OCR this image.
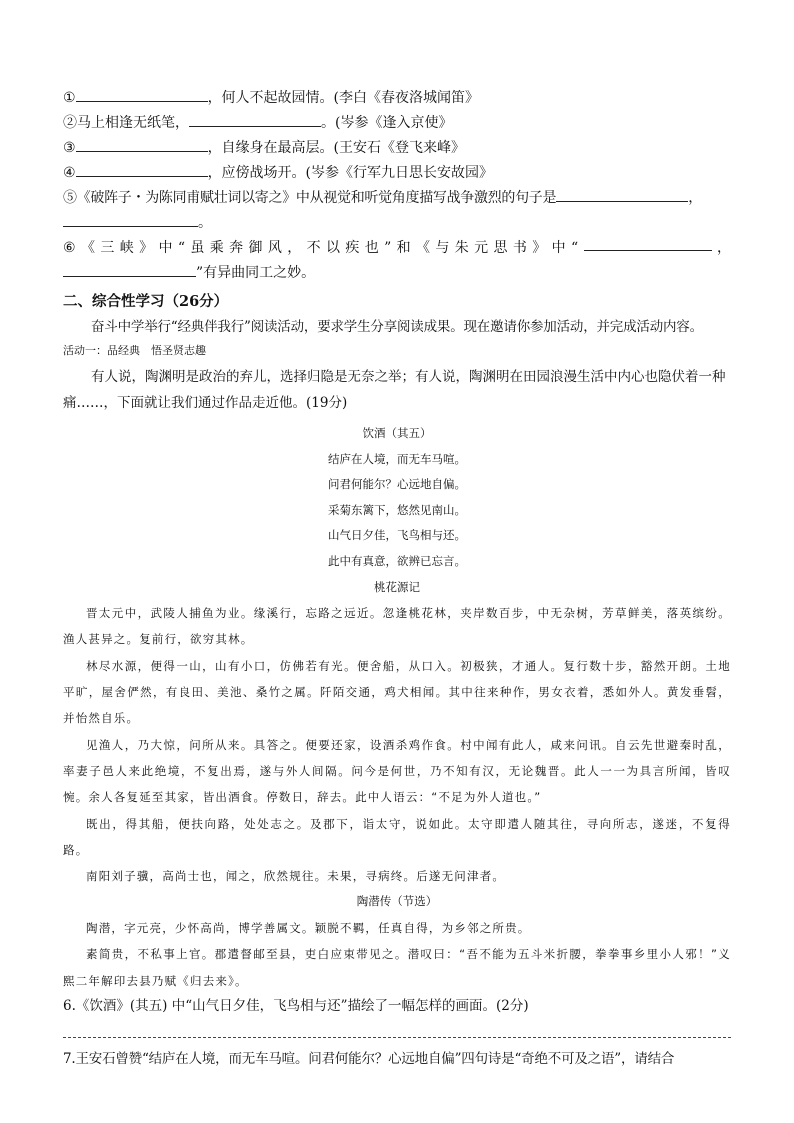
①	，何人不起故园情。(李白《春夜洛城闻笛》
②马上相逢无纸笔，	。(岑参《逢入京使》
③	，自缘身在最高层。(王安石《登飞来峰》
④	，应傍战场开。(岑参《行军九日思长安故园》
⑤《破阵子・为陈同甫赋壮词以寄之》中从视觉和听觉角度描写战争激烈的句子是	，
。
⑥ 《 三 峡 》 中 “ 虽 乘 奔 御 风 ， 不 以 疾 也 ” 和 《 与 朱 元 思 书 》 中 “	，
”有异曲同工之妙。
二、综合性学习（26分）
奋斗中学举行“经典伴我行”阅读活动，要求学生分享阅读成果。现在邀请你参加活动，并完成活动内容。
活动一：品经典　悟圣贤志趣
有人说，陶渊明是政治的弃儿，选择归隐是无奈之举；有人说，陶渊明在田园浪漫生活中内心也隐伏着一种痛……，下面就让我们通过作品走近他。(19分)
饮酒（其五）
结庐在人境，而无车马喧。
问君何能尔？心远地自偏。
采菊东篱下，悠然见南山。
山气日夕佳，飞鸟相与还。
此中有真意，欲辨已忘言。
桃花源记
晋太元中，武陵人捕鱼为业。缘溪行，忘路之远近。忽逢桃花林，夹岸数百步，中无杂树，芳草鲜美，落英缤纷。渔人甚异之。复前行，欲穷其林。
林尽水源，便得一山，山有小口，仿佛若有光。便舍船，从口入。初极狭，才通人。复行数十步，豁然开朗。土地平旷，屋舍俨然，有良田、美池、桑竹之属。阡陌交通，鸡犬相闻。其中往来种作，男女衣着，悉如外人。黄发垂髫，并怡然自乐。
见渔人，乃大惊，问所从来。具答之。便要还家，设酒杀鸡作食。村中闻有此人，咸来问讯。自云先世避秦时乱，率妻子邑人来此绝境，不复出焉，遂与外人间隔。问今是何世，乃不知有汉，无论魏晋。此人一一为具言所闻，皆叹惋。余人各复延至其家，皆出酒食。停数日，辞去。此中人语云：“不足为外人道也。”
既出，得其船，便扶向路，处处志之。及郡下，诣太守，说如此。太守即遣人随其往，寻向所志，遂迷，不复得路。
南阳刘子骥，高尚士也，闻之，欣然规往。未果，寻病终。后遂无问津者。
陶潜传（节选）
陶潜，字元亮，少怀高尚，博学善属文。颖脱不羁，任真自得，为乡邻之所贵。
素简贵，不私事上官。郡遣督邮至县，吏白应束带见之。潜叹曰：“吾不能为五斗米折腰，拳拳事乡里小人邪！”义熙二年解印去县乃赋《归去来》。
6.《饮酒》(其五) 中“山气日夕佳，飞鸟相与还”描绘了一幅怎样的画面。(2分)
7.王安石曾赞“结庐在人境，而无车马喧。问君何能尔？心远地自偏”四句诗是“奇绝不可及之语”，请结合
